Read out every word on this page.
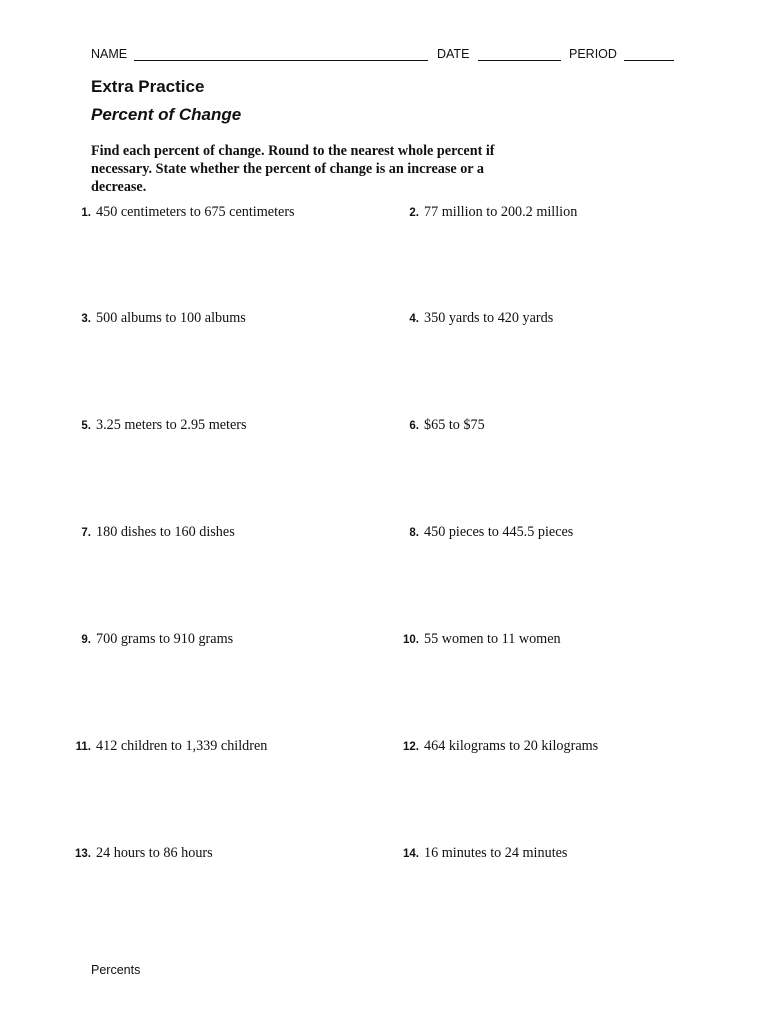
NAME	DATE	PERIOD
Extra Practice
Percent of Change

Find each percent of change. Round to the nearest whole percent if necessary. State whether the percent of change is an increase or a decrease.

1. 450 centimeters to 675 centimeters	2. 77 million to 200.2 million
3. 500 albums to 100 albums	4. 350 yards to 420 yards
5. 3.25 meters to 2.95 meters	6. $65 to $75
7. 180 dishes to 160 dishes	8. 450 pieces to 445.5 pieces
9. 700 grams to 910 grams	10. 55 women to 11 women
11. 412 children to 1,339 children	12. 464 kilograms to 20 kilograms
13. 24 hours to 86 hours	14. 16 minutes to 24 minutes
Percents
